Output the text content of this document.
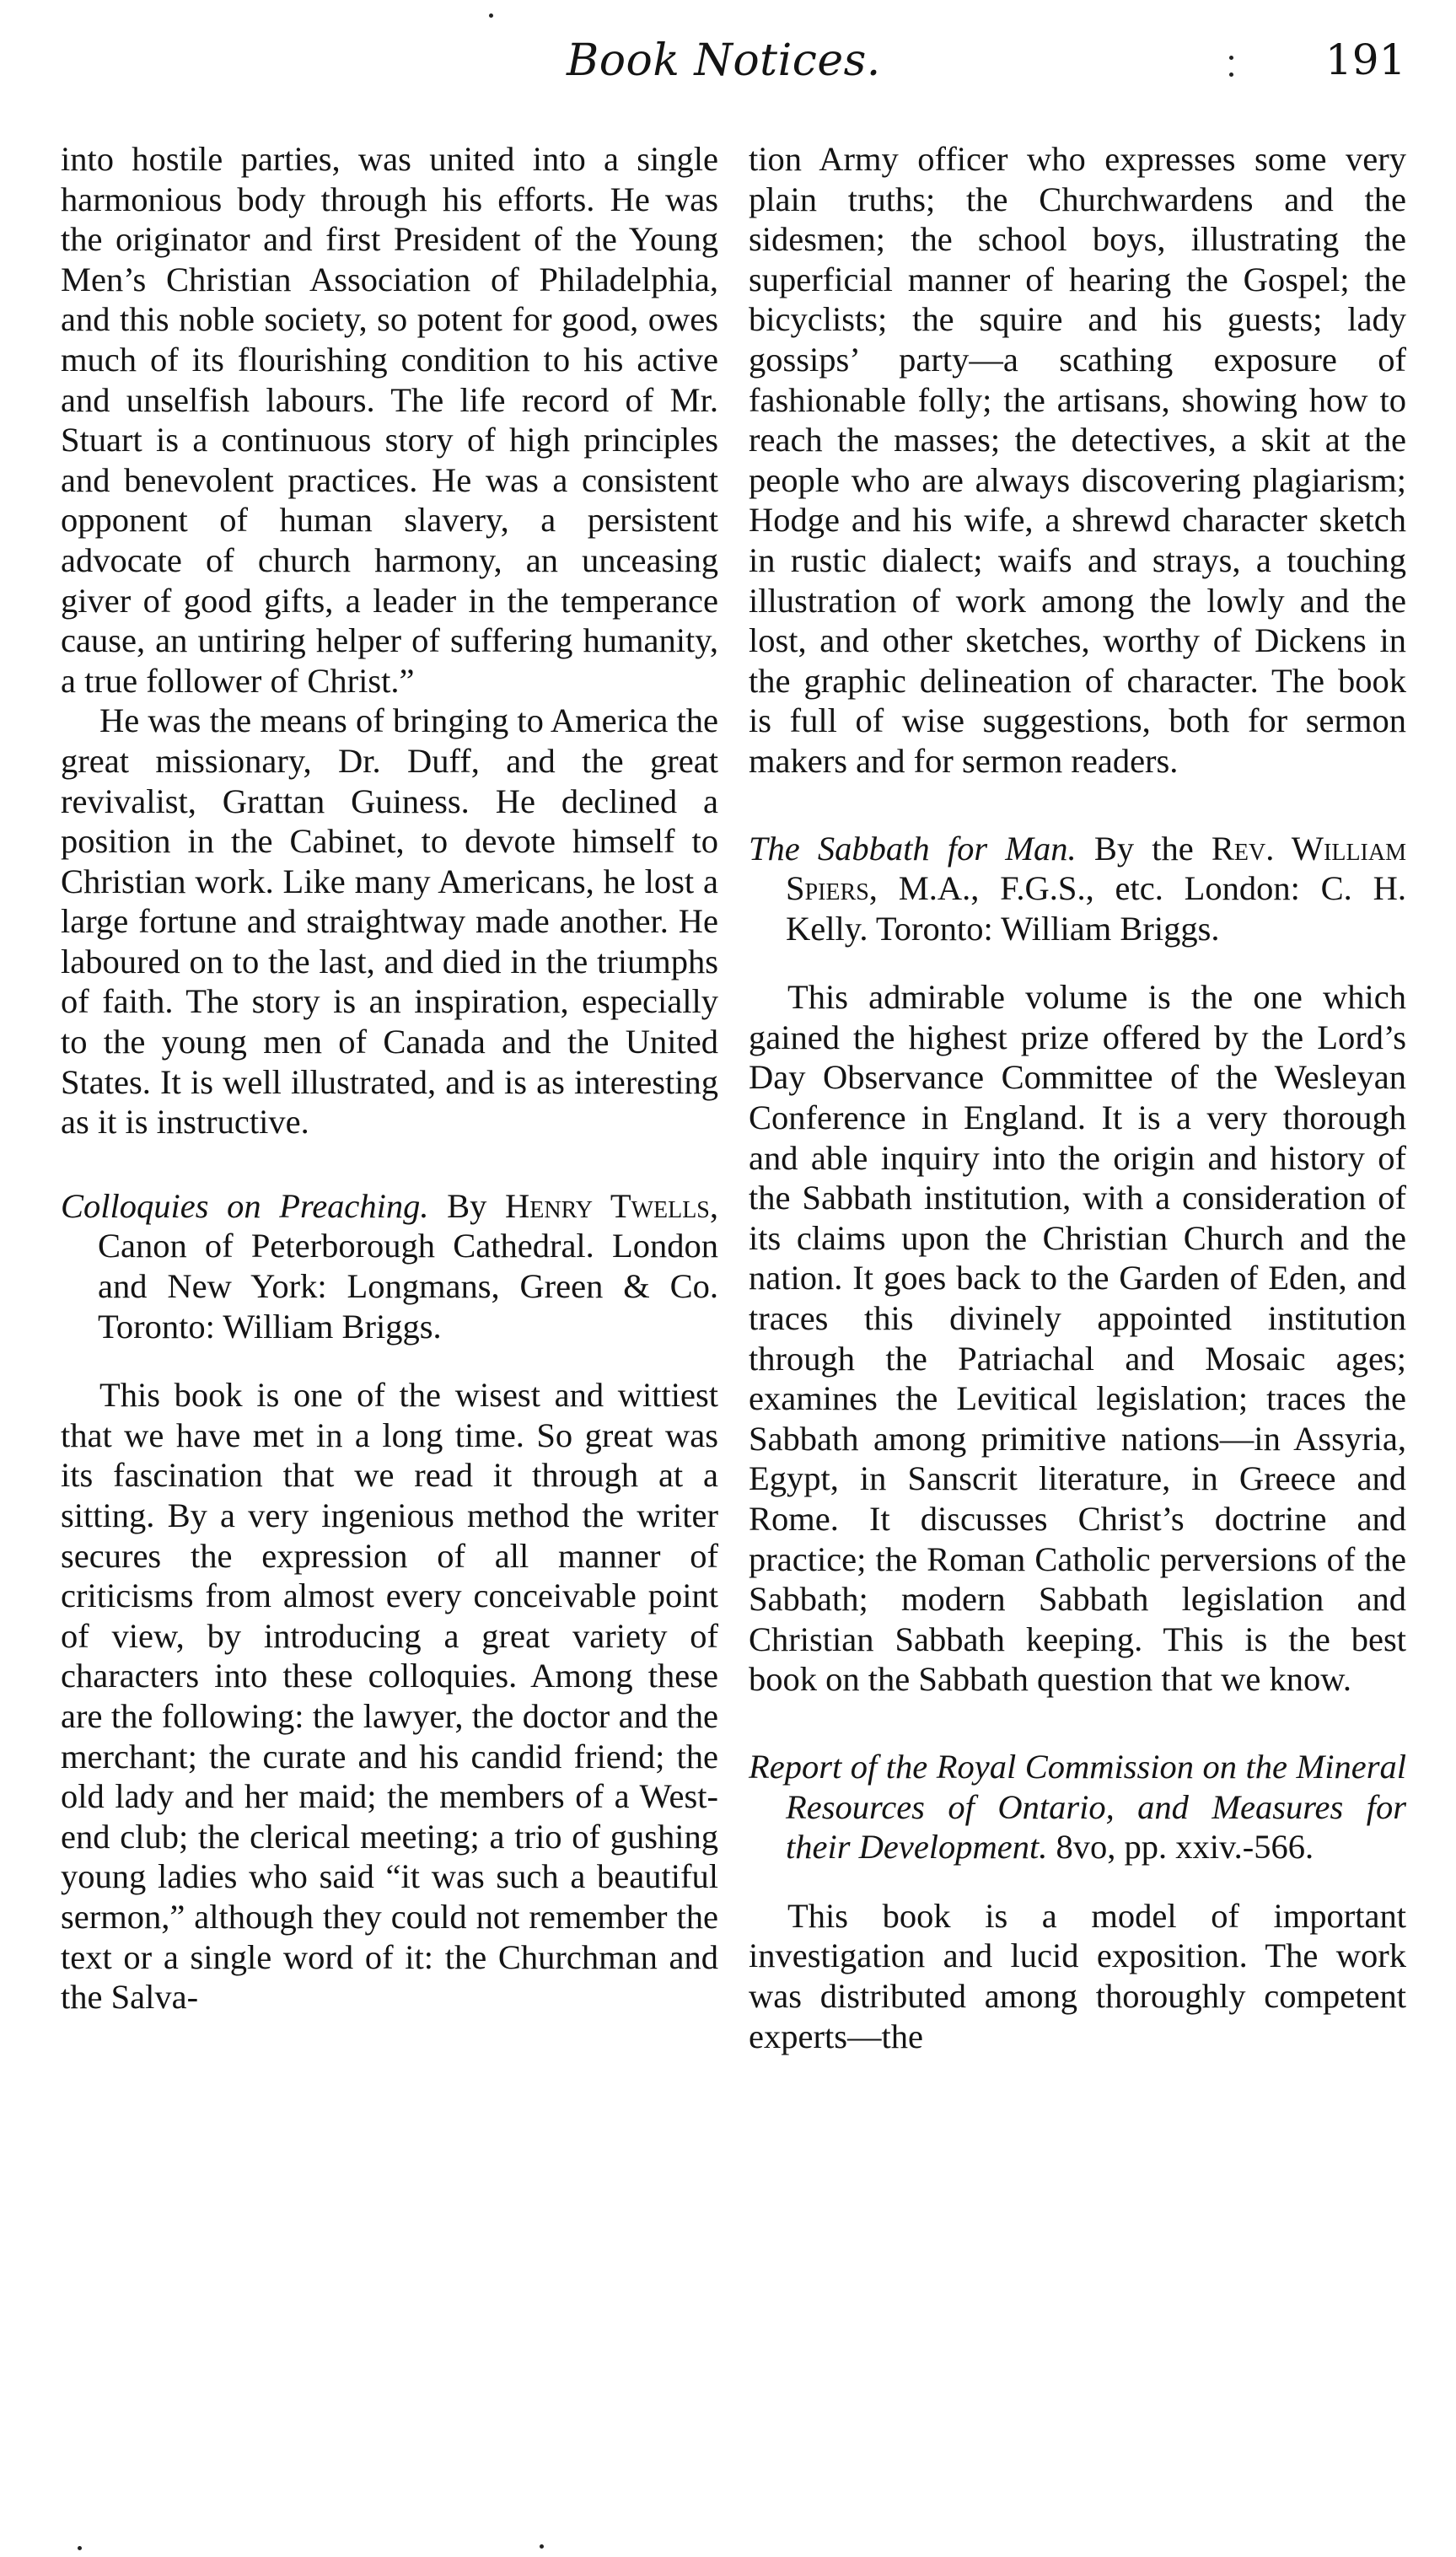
Book Notices.	191

into hostile parties, was united into a single harmonious body through his efforts. He was the originator and first President of the Young Men’s Christian Association of Philadelphia, and this noble society, so potent for good, owes much of its flourishing condition to his active and unselfish labours. The life record of Mr. Stuart is a continuous story of high principles and benevolent practices. He was a consistent opponent of human slavery, a persistent advocate of church harmony, an unceasing giver of good gifts, a leader in the temperance cause, an untiring helper of suffering humanity, a true follower of Christ.”

He was the means of bringing to America the great missionary, Dr. Duff, and the great revivalist, Grattan Guiness. He declined a position in the Cabinet, to devote himself to Christian work. Like many Americans, he lost a large fortune and straightway made another. He laboured on to the last, and died in the triumphs of faith. The story is an inspiration, especially to the young men of Canada and the United States. It is well illustrated, and is as interesting as it is instructive.

Colloquies on Preaching. By Henry Twells, Canon of Peterborough Cathedral. London and New York: Longmans, Green & Co. Toronto: William Briggs.

This book is one of the wisest and wittiest that we have met in a long time. So great was its fascination that we read it through at a sitting. By a very ingenious method the writer secures the expression of all manner of criticisms from almost every conceivable point of view, by introducing a great variety of characters into these colloquies. Among these are the following: the lawyer, the doctor and the merchant; the curate and his candid friend; the old lady and her maid; the members of a West-end club; the clerical meeting; a trio of gushing young ladies who said “it was such a beautiful sermon,” although they could not remember the text or a single word of it: the Churchman and the Salva-

tion Army officer who expresses some very plain truths; the Churchwardens and the sidesmen; the school boys, illustrating the superficial manner of hearing the Gospel; the bicyclists; the squire and his guests; lady gossips’ party—a scathing exposure of fashionable folly; the artisans, showing how to reach the masses; the detectives, a skit at the people who are always discovering plagiarism; Hodge and his wife, a shrewd character sketch in rustic dialect; waifs and strays, a touching illustration of work among the lowly and the lost, and other sketches, worthy of Dickens in the graphic delineation of character. The book is full of wise suggestions, both for sermon makers and for sermon readers.

The Sabbath for Man. By the Rev. William Spiers, M.A., F.G.S., etc. London: C. H. Kelly. Toronto: William Briggs.

This admirable volume is the one which gained the highest prize offered by the Lord’s Day Observance Committee of the Wesleyan Conference in England. It is a very thorough and able inquiry into the origin and history of the Sabbath institution, with a consideration of its claims upon the Christian Church and the nation. It goes back to the Garden of Eden, and traces this divinely appointed institution through the Patriachal and Mosaic ages; examines the Levitical legislation; traces the Sabbath among primitive nations—in Assyria, Egypt, in Sanscrit literature, in Greece and Rome. It discusses Christ’s doctrine and practice; the Roman Catholic perversions of the Sabbath; modern Sabbath legislation and Christian Sabbath keeping. This is the best book on the Sabbath question that we know.

Report of the Royal Commission on the Mineral Resources of Ontario, and Measures for their Development. 8vo, pp. xxiv.-566.

This book is a model of important investigation and lucid exposition. The work was distributed among thoroughly competent experts—the
